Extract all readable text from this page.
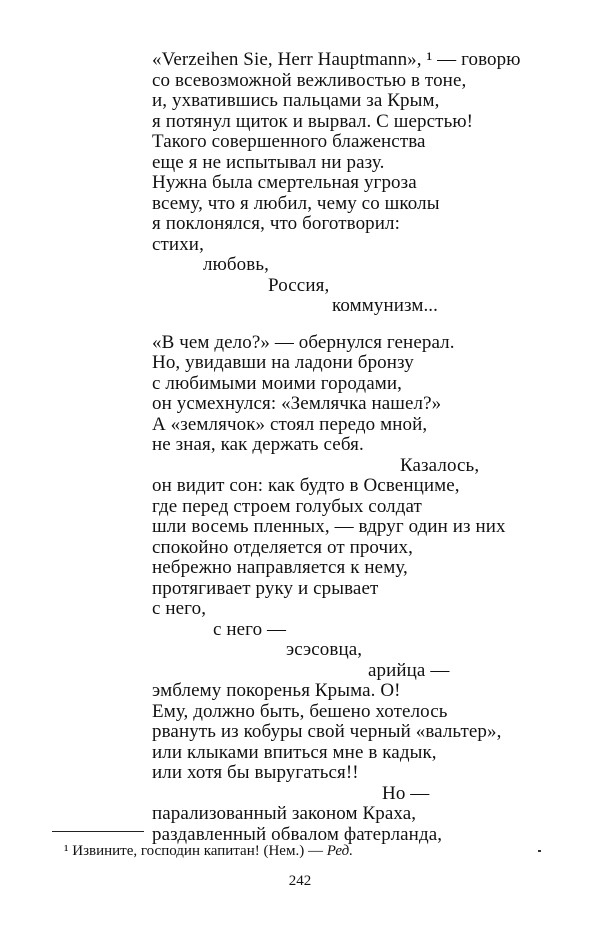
«Verzeihen Sie, Herr Hauptmann», ¹ — говорю
со всевозможной вежливостью в тоне,
и, ухватившись пальцами за Крым,
я потянул щиток и вырвал. С шерстью!
Такого совершенного блаженства
еще я не испытывал ни разу.
Нужна была смертельная угроза
всему, что я любил, чему со школы
я поклонялся, что боготворил:
стихи,
любовь,
Россия,
коммунизм...
«В чем дело?» — обернулся генерал.
Но, увидавши на ладони бронзу
с любимыми моими городами,
он усмехнулся: «Землячка нашел?»
А «землячок» стоял передо мной,
не зная, как держать себя.
Казалось,
он видит сон: как будто в Освенциме,
где перед строем голубых солдат
шли восемь пленных, — вдруг один из них
спокойно отделяется от прочих,
небрежно направляется к нему,
протягивает руку и срывает
с него,
с него —
эсэсовца,
арийца —
эмблему покоренья Крыма. О!
Ему, должно быть, бешено хотелось
рвануть из кобуры свой черный «вальтер»,
или клыками впиться мне в кадык,
или хотя бы выругаться!!
Но —
парализованный законом Краха,
раздавленный обвалом фатерланда,
¹ Извините, господин капитан! (Нем.) — Ред.
242
